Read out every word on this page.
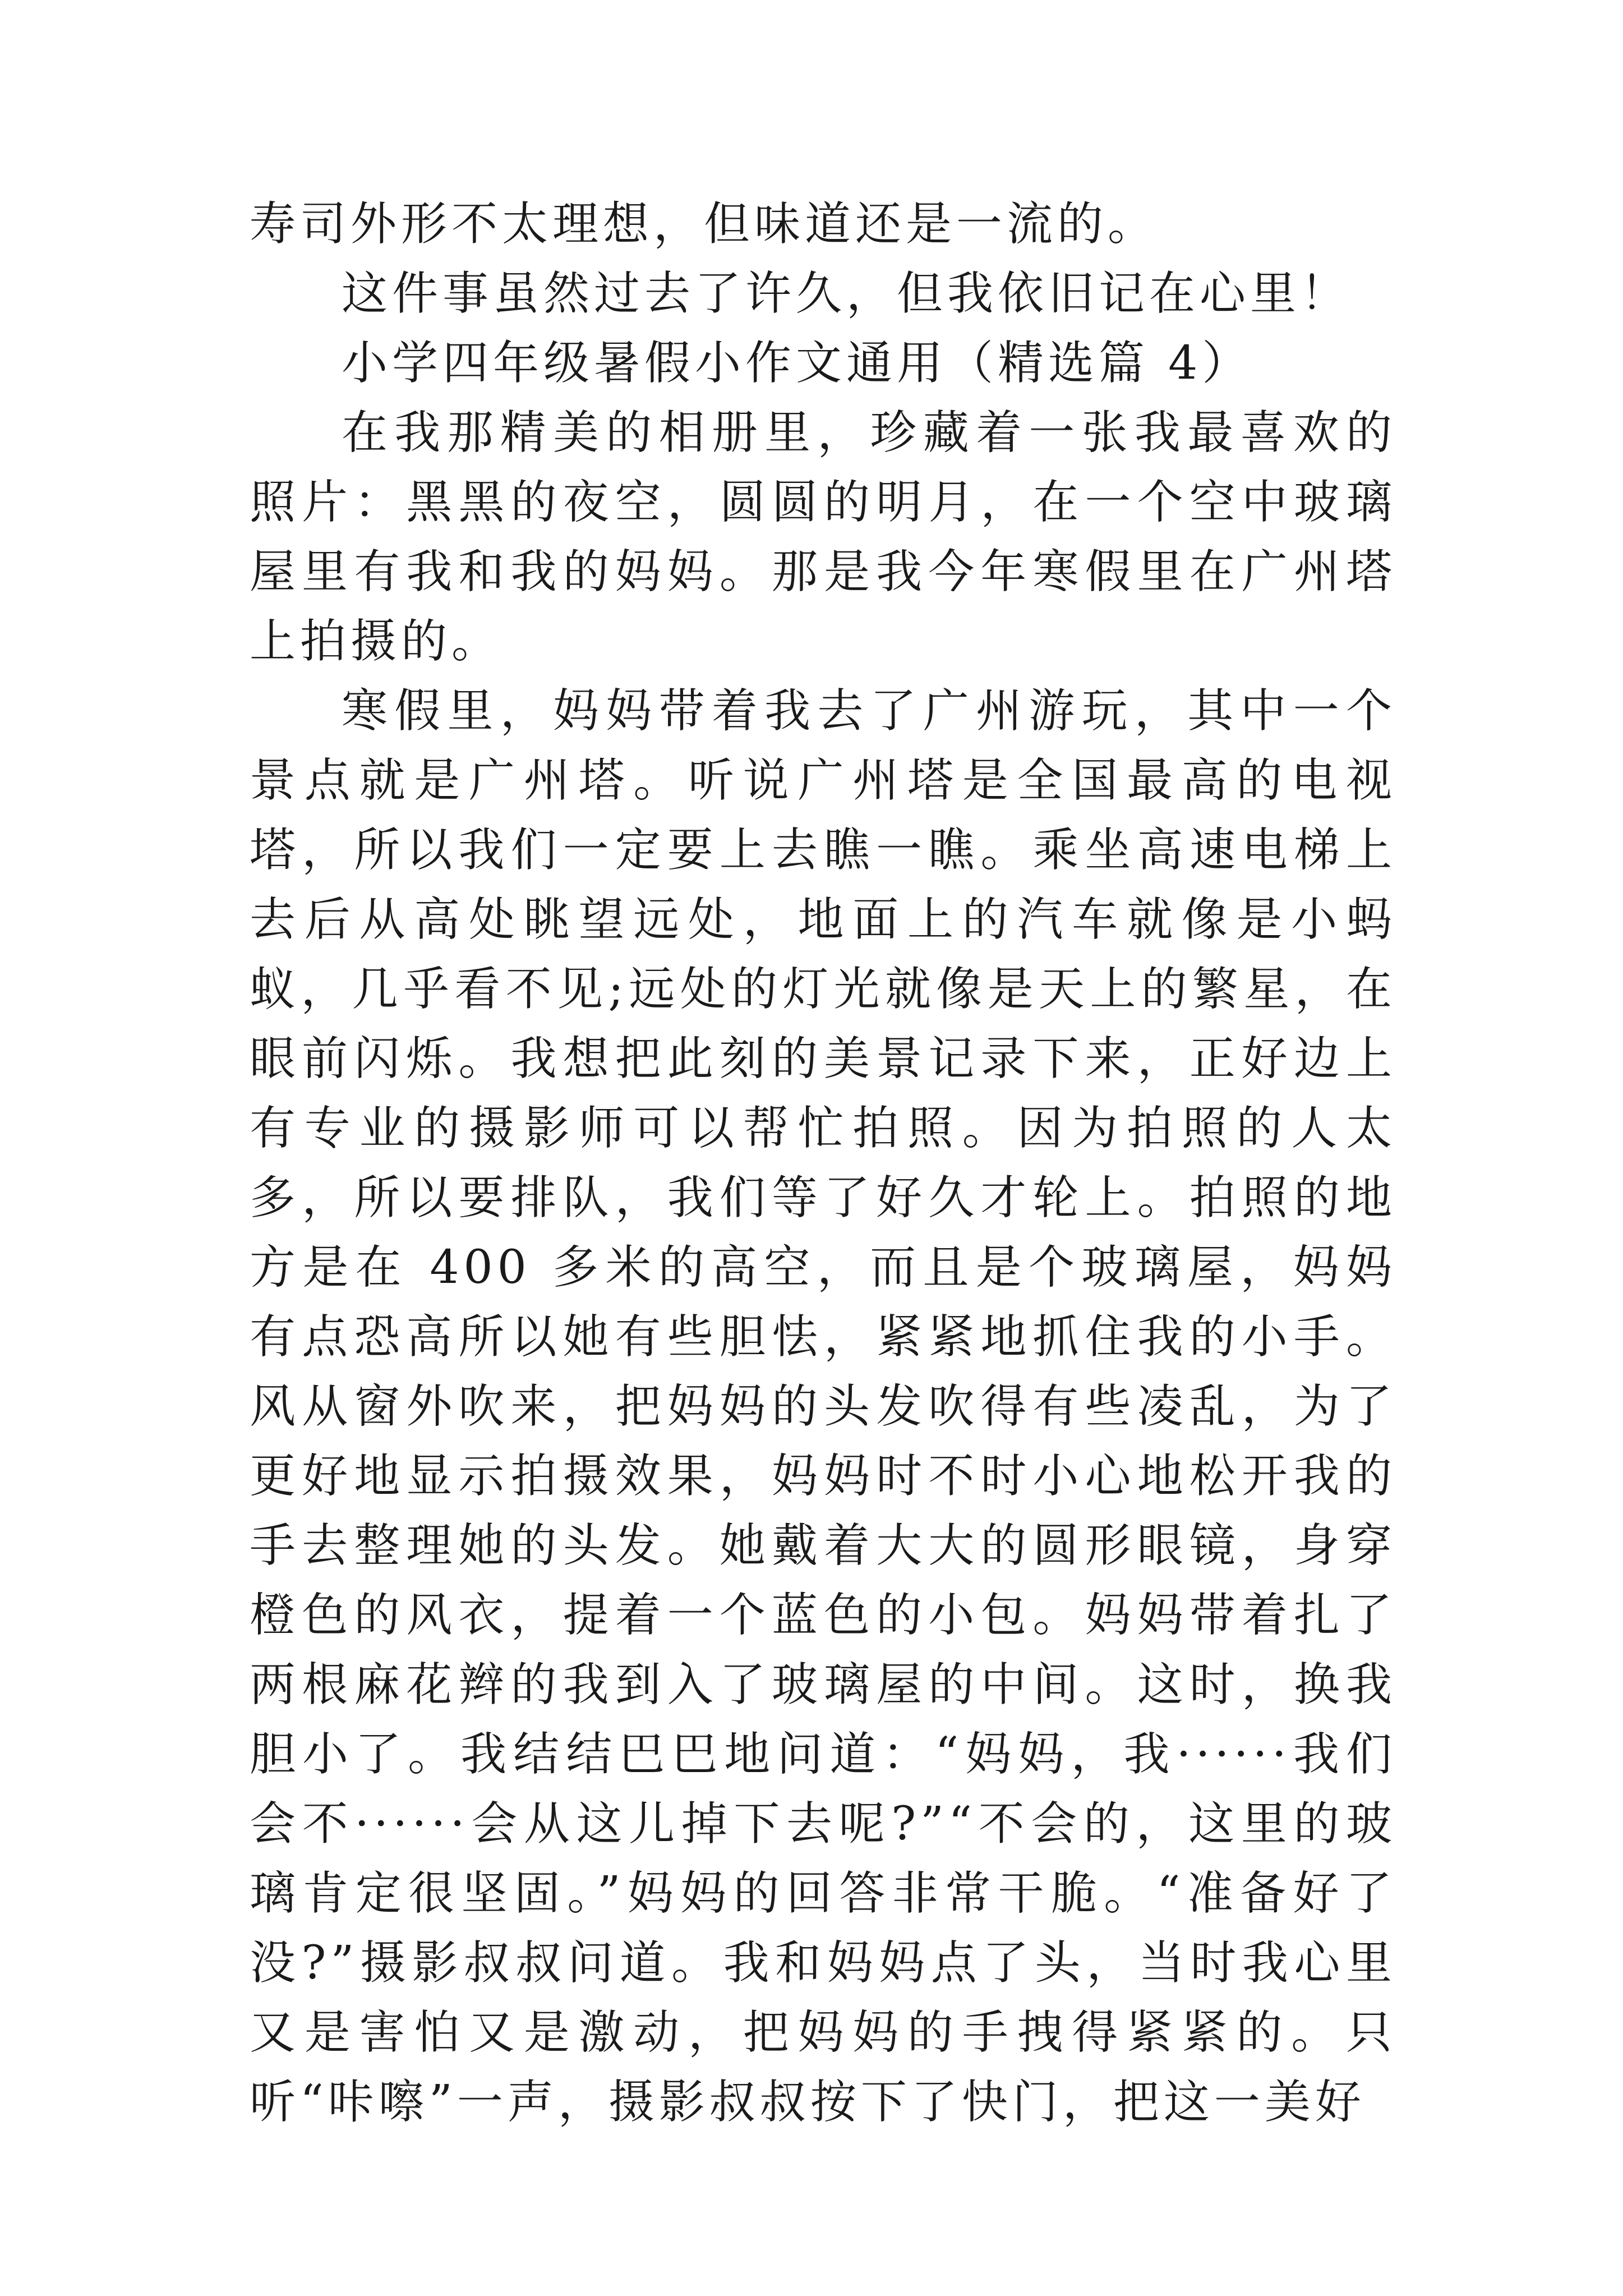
寿司外形不太理想，但味道还是一流的。

这件事虽然过去了许久，但我依旧记在心里！

小学四年级暑假小作文通用（精选篇 4）

在我那精美的相册里，珍藏着一张我最喜欢的照片：黑黑的夜空，圆圆的明月，在一个空中玻璃屋里有我和我的妈妈。那是我今年寒假里在广州塔上拍摄的。

寒假里，妈妈带着我去了广州游玩，其中一个景点就是广州塔。听说广州塔是全国最高的电视塔，所以我们一定要上去瞧一瞧。乘坐高速电梯上去后从高处眺望远处，地面上的汽车就像是小蚂蚁，几乎看不见;远处的灯光就像是天上的繁星，在眼前闪烁。我想把此刻的美景记录下来，正好边上有专业的摄影师可以帮忙拍照。因为拍照的人太多，所以要排队，我们等了好久才轮上。拍照的地方是在 400 多米的高空，而且是个玻璃屋，妈妈有点恐高所以她有些胆怯，紧紧地抓住我的小手。风从窗外吹来，把妈妈的头发吹得有些凌乱，为了更好地显示拍摄效果，妈妈时不时小心地松开我的手去整理她的头发。她戴着大大的圆形眼镜，身穿橙色的风衣，提着一个蓝色的小包。妈妈带着扎了两根麻花辫的我到入了玻璃屋的中间。这时，换我胆小了。我结结巴巴地问道：“妈妈，我······我们会不······会从这儿掉下去呢?”“不会的，这里的玻璃肯定很坚固。”妈妈的回答非常干脆。“准备好了没?”摄影叔叔问道。我和妈妈点了头，当时我心里又是害怕又是激动，把妈妈的手拽得紧紧的。只听“咔嚓”一声，摄影叔叔按下了快门，把这一美好
